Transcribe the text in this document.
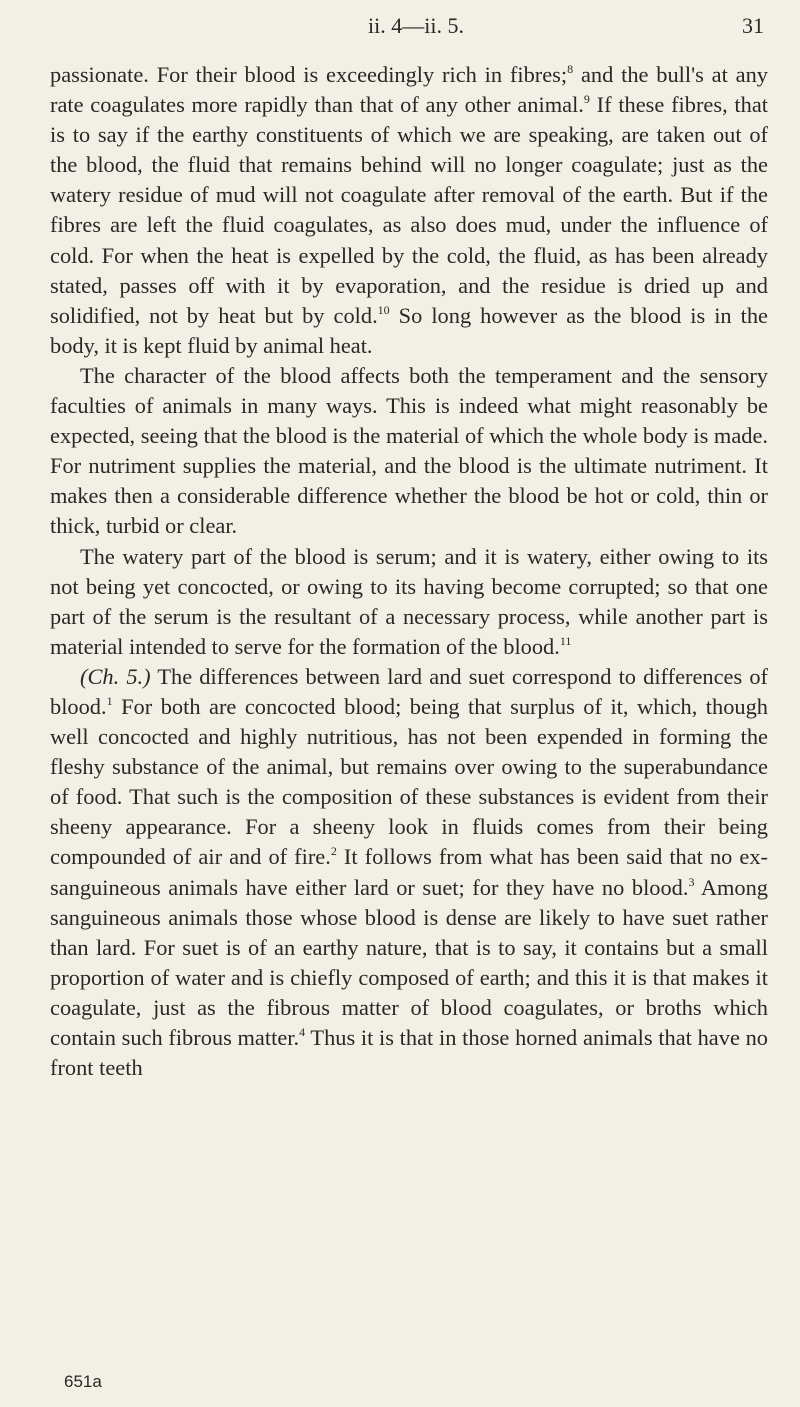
ii. 4—ii. 5.	31

passionate. For their blood is exceedingly rich in fibres;$^8$ and the bull's at any rate coagulates more rapidly than that of any other animal.$^9$ If these fibres, that is to say if the earthy constituents of which we are speaking, are taken out of the blood, the fluid that remains behind will no longer coagulate; just as the watery residue of mud will not coagulate after removal of the earth. But if the fibres are left the fluid coagulates, as also does mud, under the influence of cold. For when the heat is expelled by the cold, the fluid, as has been already stated, passes off with it by evaporation, and the residue is dried up and solidified, not by heat but by cold.$^{10}$ So long however as the blood is in the body, it is kept fluid by animal heat.

The character of the blood affects both the temperament and the sensory faculties of animals in many ways. This is indeed what might reasonably be expected, seeing that the blood is the material of which the whole body is made. For nutriment supplies the material, and the blood is the ultimate nutriment. It makes then a considerable difference whether the blood be hot or cold, thin or thick, turbid or clear.

The watery part of the blood is serum; and it is watery, either owing to its not being yet concocted, or owing to its having become corrupted; so that one part of the serum is the resultant of a necessary process, while another part is material intended to serve for the formation of the blood.$^{11}$

(Ch. 5.) The differences between lard and suet correspond to differences of blood.$^1$ For both are concocted blood; being that surplus of it, which, though well concocted and highly nutritious, has not been expended in forming the fleshy substance of the animal, but remains over owing to the superabundance of food. That such is the composition of these substances is evident from their sheeny appearance. For a sheeny look in fluids comes from their being compounded of air and of fire.$^2$ It follows from what has been said that no ex-sanguineous animals have either lard or suet; for they have no blood.$^3$ Among sanguineous animals those whose blood is dense are likely to have suet rather than lard. For suet is of an earthy nature, that is to say, it contains but a small proportion of water and is chiefly composed of earth; and this it is that makes it coagulate, just as the fibrous matter of blood coagulates, or broths which contain such fibrous matter.$^4$ Thus it is that in those horned animals that have no front teeth

651a
